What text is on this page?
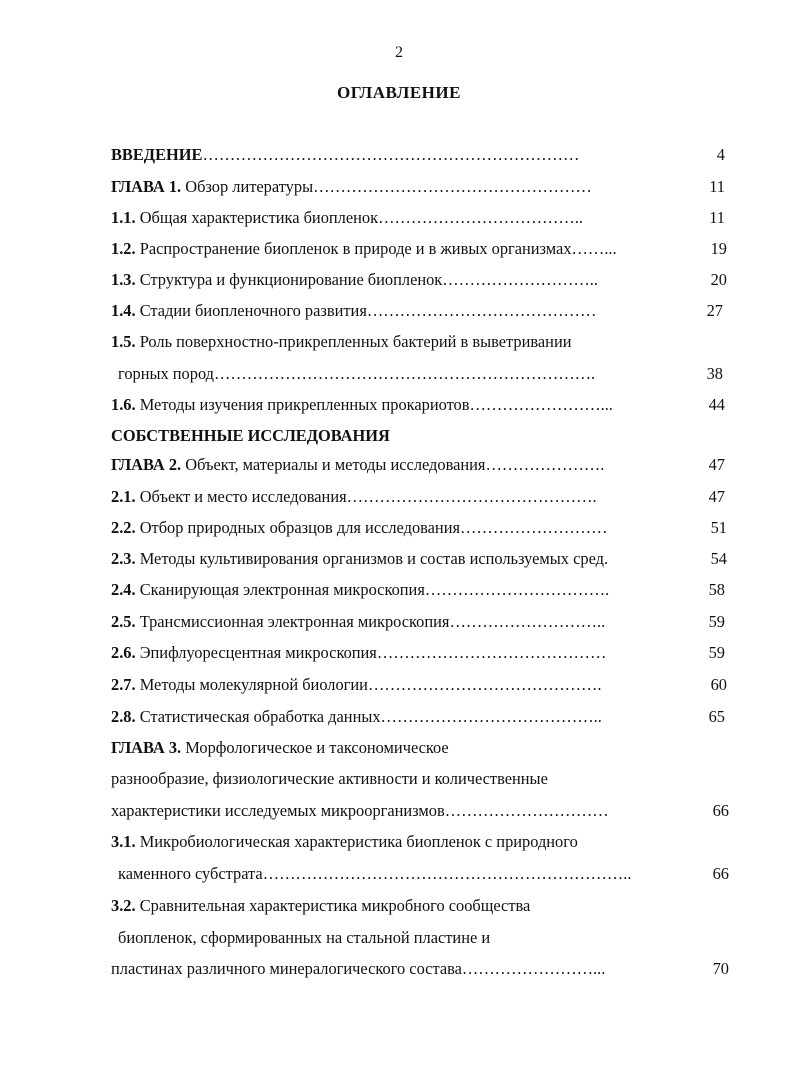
2
ОГЛАВЛЕНИЕ
ВВЕДЕНИЕ……………………………………………………………	4
ГЛАВА 1. Обзор литературы……………………………………………	11
1.1. Общая характеристика биопленок………………………………..	11
1.2. Распространение биопленок в природе и в живых организмах……...	19
1.3. Структура и функционирование биопленок………………………..	20
1.4. Стадии биопленочного развития……………………………………	27
1.5. Роль поверхностно-прикрепленных бактерий в выветривании
горных пород…………………………………………………………….	38
1.6. Методы изучения прикрепленных прокариотов……………………...	44
СОБСТВЕННЫЕ ИССЛЕДОВАНИЯ
ГЛАВА 2. Объект, материалы и методы исследования………………….	47
2.1. Объект и место исследования……………………………………….	47
2.2. Отбор природных образцов для исследования………………………	51
2.3. Методы культивирования организмов и состав используемых сред.	54
2.4. Сканирующая электронная микроскопия…………………………….	58
2.5. Трансмиссионная электронная микроскопия………………………..	59
2.6. Эпифлуоресцентная микроскопия……………………………………	59
2.7. Методы молекулярной биологии…………………………………….	60
2.8. Статистическая обработка данных…………………………………..	65
ГЛАВА 3. Морфологическое и таксономическое
разнообразие, физиологические активности и количественные
характеристики исследуемых микроорганизмов…………………………	66
3.1. Микробиологическая характеристика биопленок с природного
каменного субстрата…………………………………………………………..	66
3.2. Сравнительная характеристика микробного сообщества
биопленок, сформированных на стальной пластине и
пластинах различного минералогического состава……………………...	70
